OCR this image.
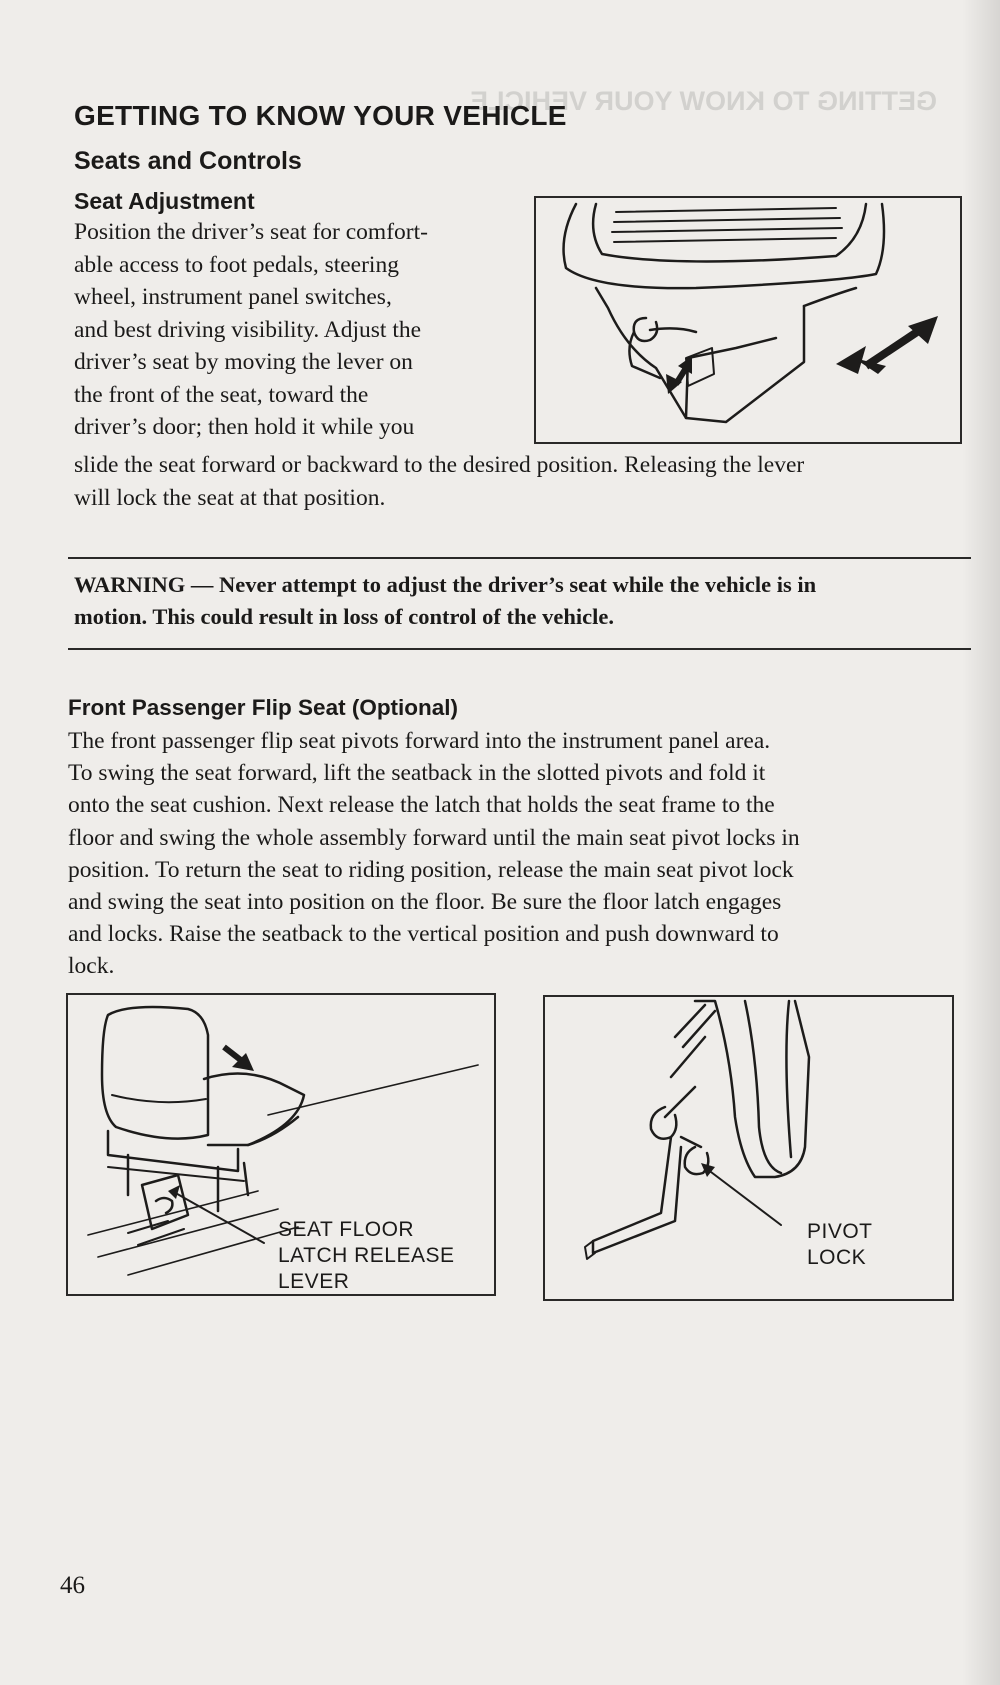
GETTING TO KNOW YOUR VEHICLE
GETTING TO KNOW YOUR VEHICLE
Seats and Controls
Seat Adjustment
Position the driver’s seat for comfort-
able access to foot pedals, steering
wheel, instrument panel switches,
and best driving visibility. Adjust the
driver’s seat by moving the lever on
the front of the seat, toward the
driver’s door; then hold it while you
slide the seat forward or backward to the desired position. Releasing the lever
will lock the seat at that position.
WARNING — Never attempt to adjust the driver’s seat while the vehicle is in
motion. This could result in loss of control of the vehicle.
Front Passenger Flip Seat (Optional)
The front passenger flip seat pivots forward into the instrument panel area.
To swing the seat forward, lift the seatback in the slotted pivots and fold it
onto the seat cushion. Next release the latch that holds the seat frame to the
floor and swing the whole assembly forward until the main seat pivot locks in
position. To return the seat to riding position, release the main seat pivot lock
and swing the seat into position on the floor. Be sure the floor latch engages
and locks. Raise the seatback to the vertical position and push downward to
lock.
SEAT FLOOR
LATCH RELEASE
LEVER
PIVOT
LOCK
46
